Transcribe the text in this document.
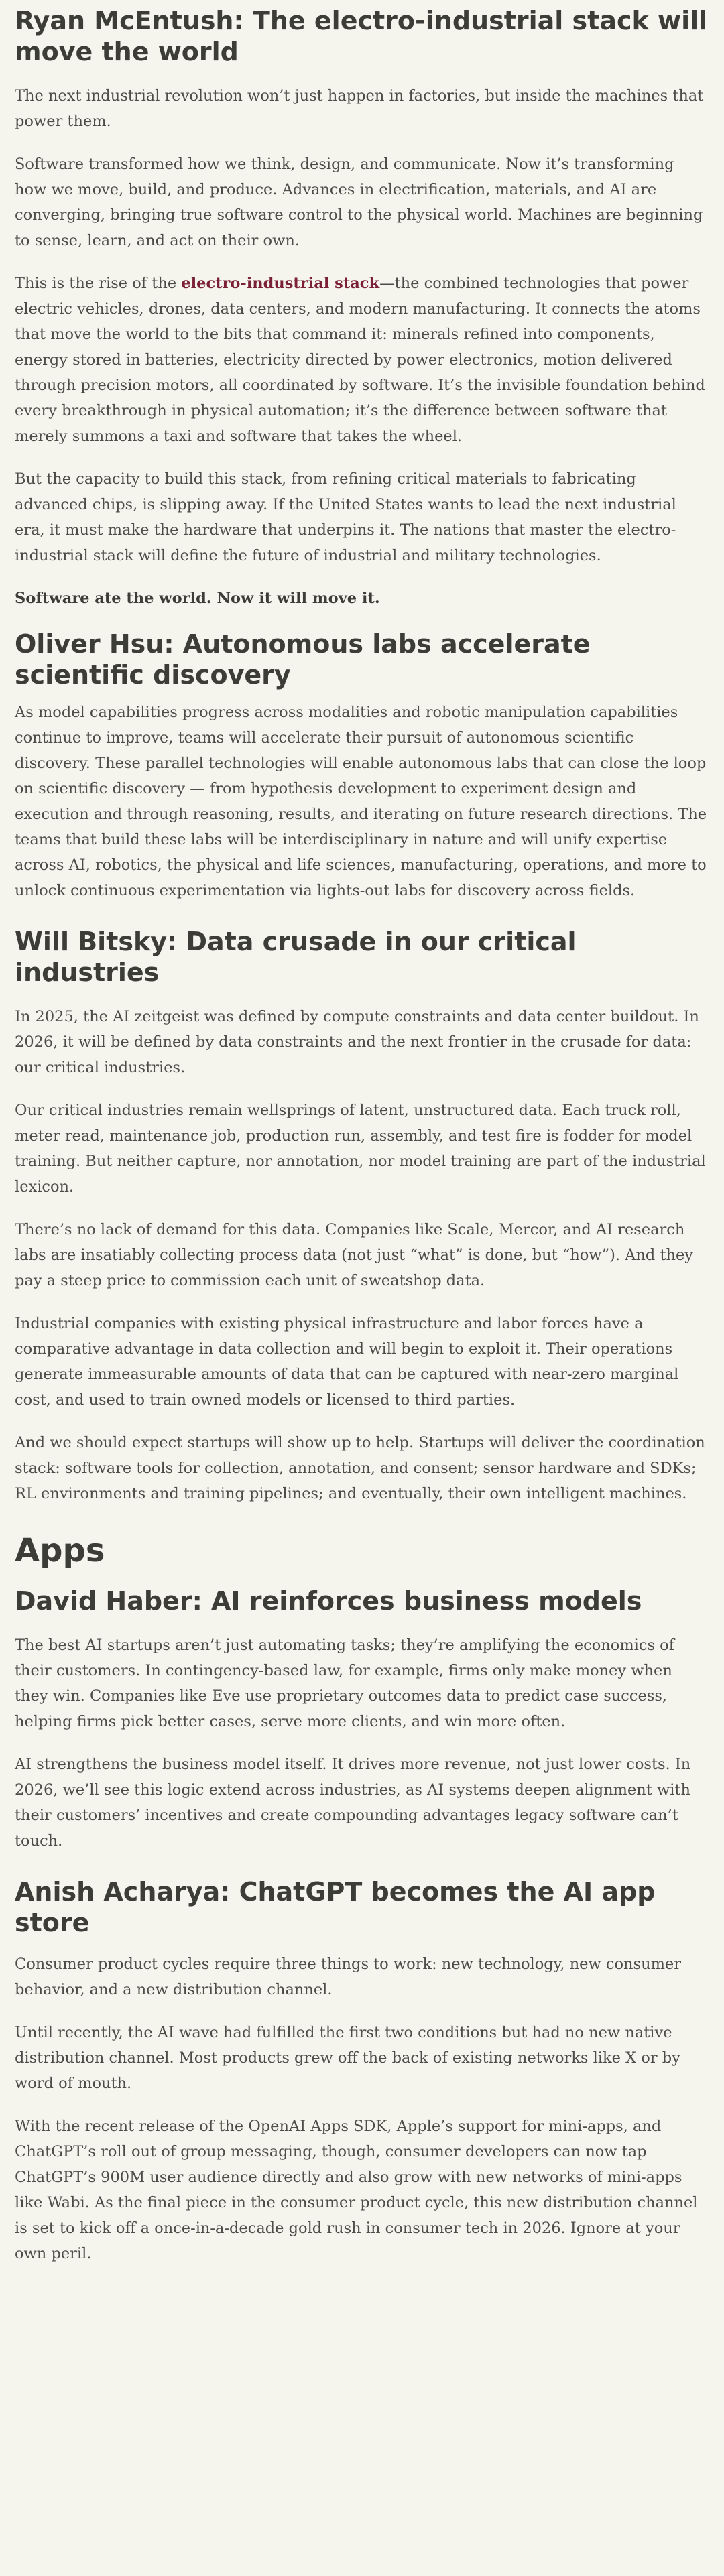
Ryan McEntush: The electro-industrial stack will move the world

The next industrial revolution won’t just happen in factories, but inside the machines that power them.

Software transformed how we think, design, and communicate. Now it’s transforming how we move, build, and produce. Advances in electrification, materials, and AI are converging, bringing true software control to the physical world. Machines are beginning to sense, learn, and act on their own.

This is the rise of the electro-industrial stack—the combined technologies that power electric vehicles, drones, data centers, and modern manufacturing. It connects the atoms that move the world to the bits that command it: minerals refined into components, energy stored in batteries, electricity directed by power electronics, motion delivered through precision motors, all coordinated by software. It’s the invisible foundation behind every breakthrough in physical automation; it’s the difference between software that merely summons a taxi and software that takes the wheel.

But the capacity to build this stack, from refining critical materials to fabricating advanced chips, is slipping away. If the United States wants to lead the next industrial era, it must make the hardware that underpins it. The nations that master the electro-industrial stack will define the future of industrial and military technologies.

Software ate the world. Now it will move it.

Oliver Hsu: Autonomous labs accelerate scientific discovery

As model capabilities progress across modalities and robotic manipulation capabilities continue to improve, teams will accelerate their pursuit of autonomous scientific discovery. These parallel technologies will enable autonomous labs that can close the loop on scientific discovery — from hypothesis development to experiment design and execution and through reasoning, results, and iterating on future research directions. The teams that build these labs will be interdisciplinary in nature and will unify expertise across AI, robotics, the physical and life sciences, manufacturing, operations, and more to unlock continuous experimentation via lights-out labs for discovery across fields.

Will Bitsky: Data crusade in our critical industries

In 2025, the AI zeitgeist was defined by compute constraints and data center buildout. In 2026, it will be defined by data constraints and the next frontier in the crusade for data: our critical industries.

Our critical industries remain wellsprings of latent, unstructured data. Each truck roll, meter read, maintenance job, production run, assembly, and test fire is fodder for model training. But neither capture, nor annotation, nor model training are part of the industrial lexicon.

There’s no lack of demand for this data. Companies like Scale, Mercor, and AI research labs are insatiably collecting process data (not just “what” is done, but “how”). And they pay a steep price to commission each unit of sweatshop data.

Industrial companies with existing physical infrastructure and labor forces have a comparative advantage in data collection and will begin to exploit it. Their operations generate immeasurable amounts of data that can be captured with near-zero marginal cost, and used to train owned models or licensed to third parties.

And we should expect startups will show up to help. Startups will deliver the coordination stack: software tools for collection, annotation, and consent; sensor hardware and SDKs; RL environments and training pipelines; and eventually, their own intelligent machines.

Apps
David Haber: AI reinforces business models

The best AI startups aren’t just automating tasks; they’re amplifying the economics of their customers. In contingency-based law, for example, firms only make money when they win. Companies like Eve use proprietary outcomes data to predict case success, helping firms pick better cases, serve more clients, and win more often.

AI strengthens the business model itself. It drives more revenue, not just lower costs. In 2026, we’ll see this logic extend across industries, as AI systems deepen alignment with their customers’ incentives and create compounding advantages legacy software can’t touch.

Anish Acharya: ChatGPT becomes the AI app store

Consumer product cycles require three things to work: new technology, new consumer behavior, and a new distribution channel.

Until recently, the AI wave had fulfilled the first two conditions but had no new native distribution channel. Most products grew off the back of existing networks like X or by word of mouth.

With the recent release of the OpenAI Apps SDK, Apple’s support for mini-apps, and ChatGPT’s roll out of group messaging, though, consumer developers can now tap ChatGPT’s 900M user audience directly and also grow with new networks of mini-apps like Wabi. As the final piece in the consumer product cycle, this new distribution channel is set to kick off a once-in-a-decade gold rush in consumer tech in 2026. Ignore at your own peril.
